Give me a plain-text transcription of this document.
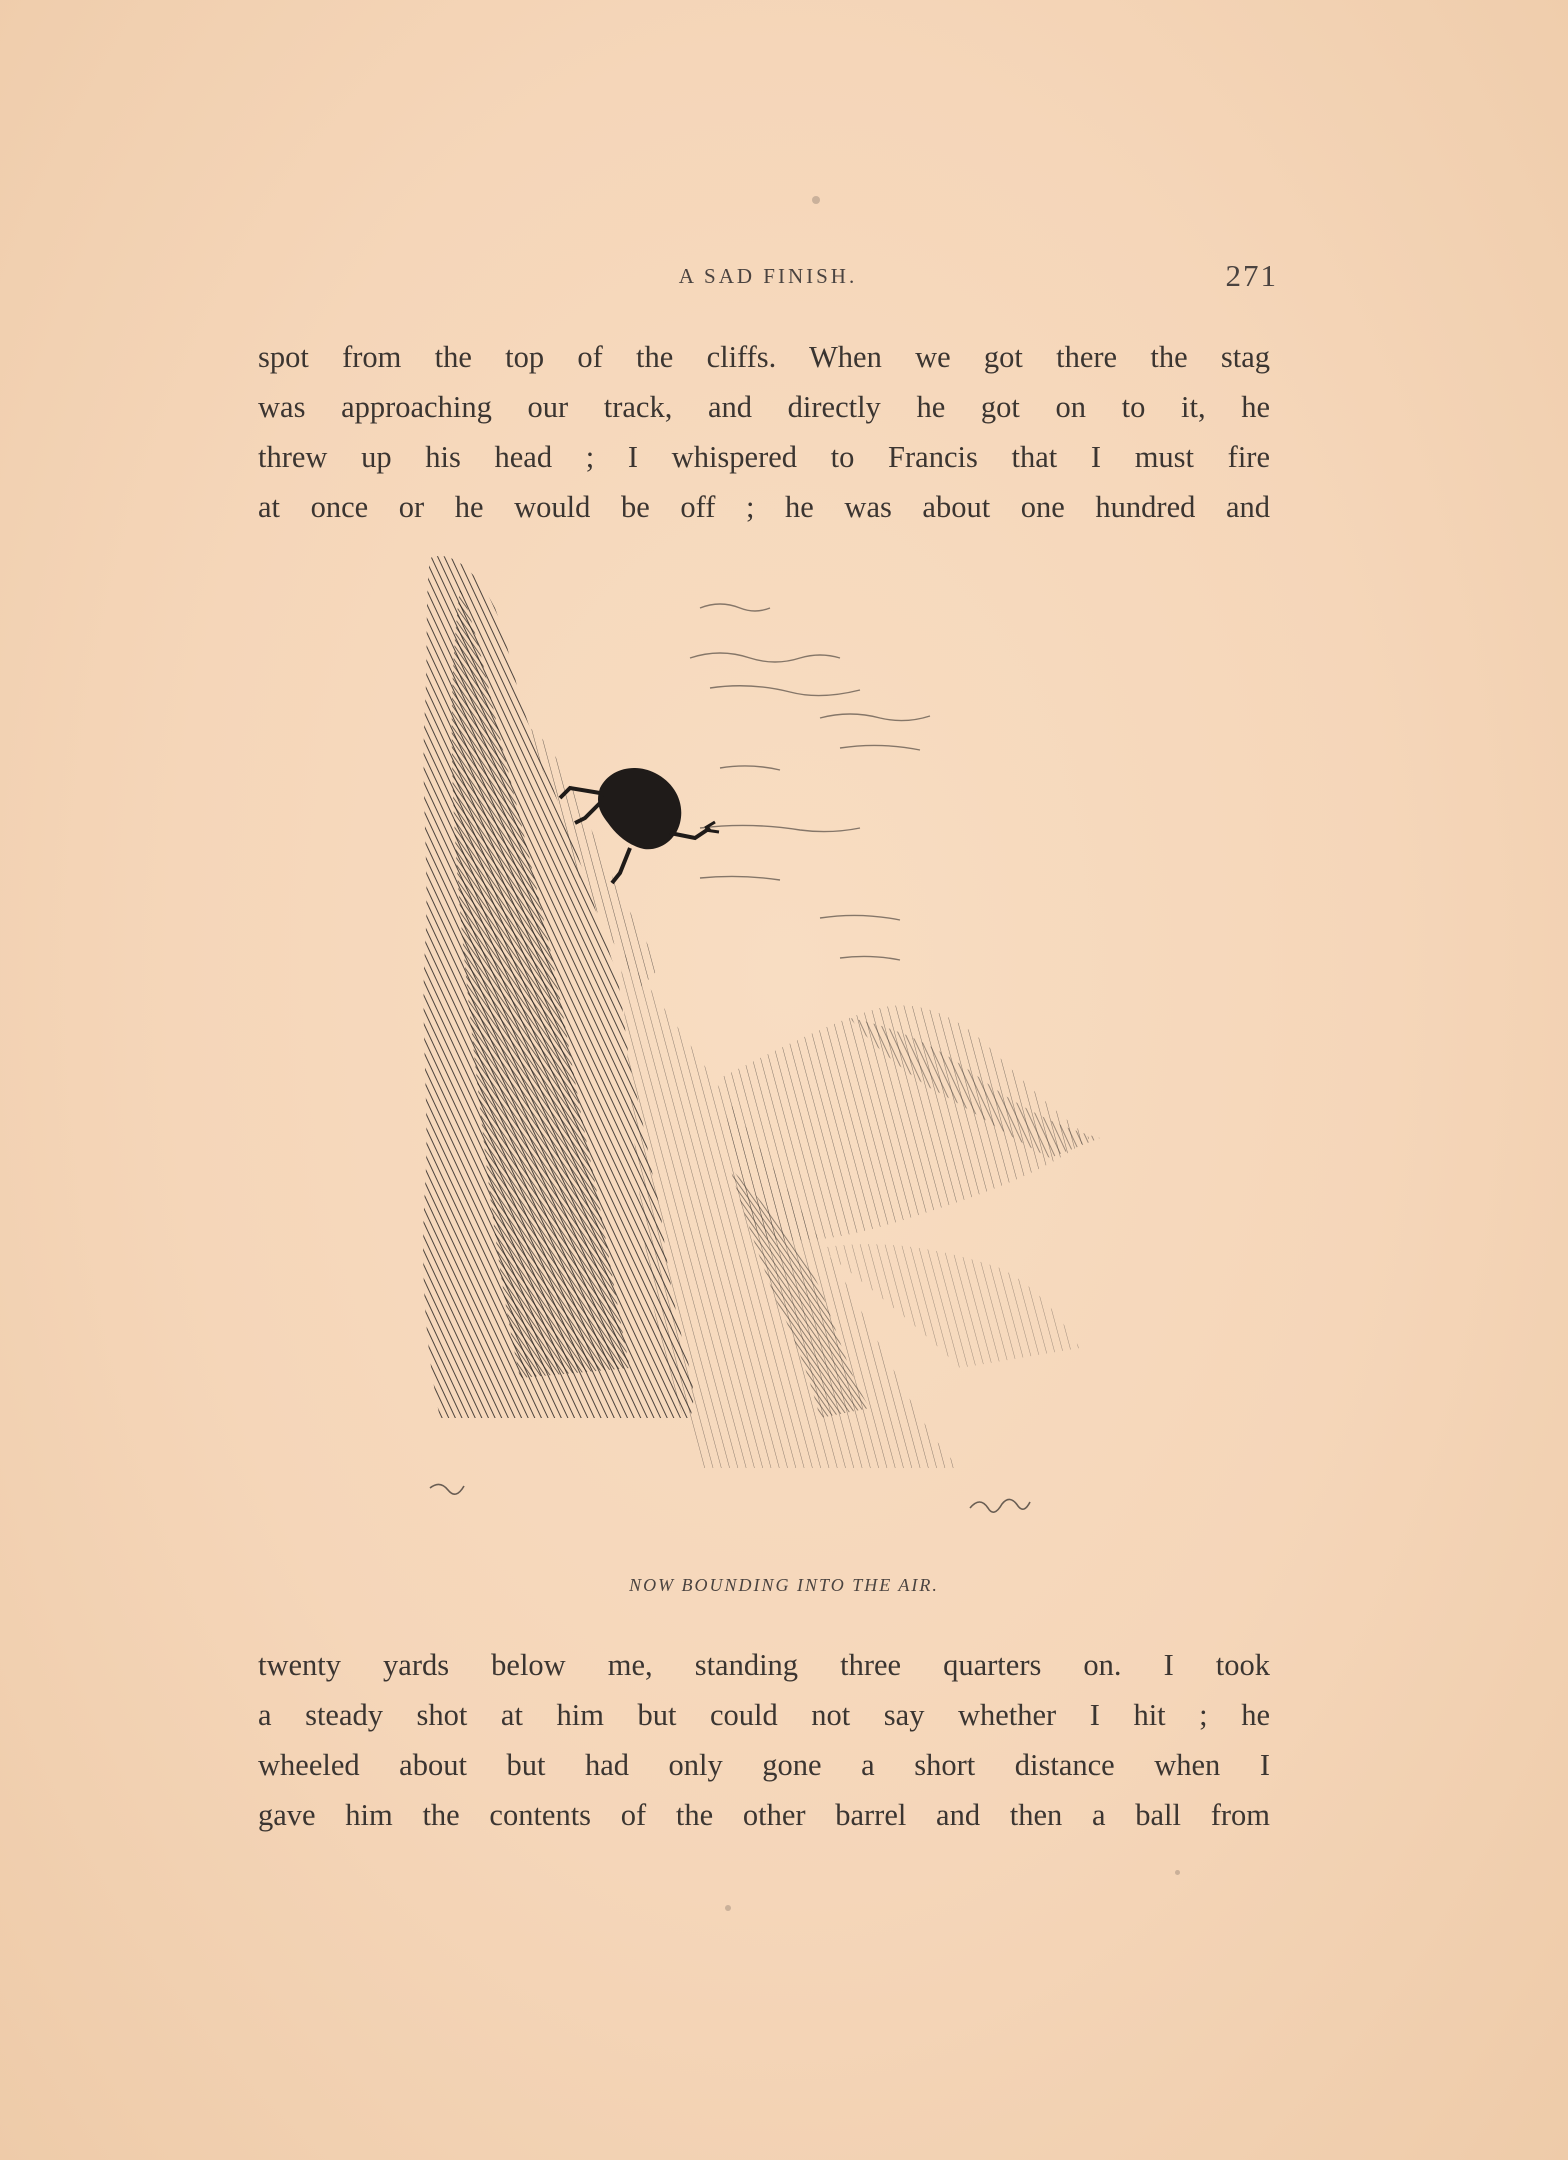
A SAD FINISH.	271

spot from the top of the cliffs. When we got there the stag
was approaching our track, and directly he got on to it, he
threw up his head ; I whispered to Francis that I must fire
at once or he would be off ; he was about one hundred and

NOW BOUNDING INTO THE AIR.

twenty yards below me, standing three quarters on. I took
a steady shot at him but could not say whether I hit ; he
wheeled about but had only gone a short distance when I
gave him the contents of the other barrel and then a ball from
